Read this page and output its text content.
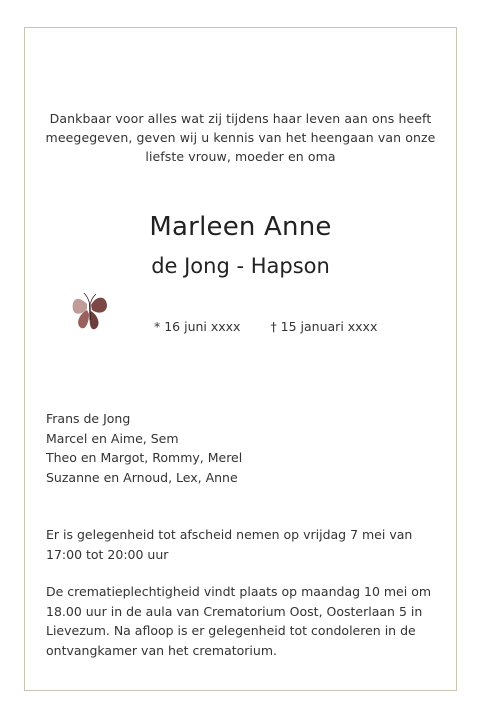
Dankbaar voor alles wat zij tijdens haar leven aan ons heeft
meegegeven, geven wij u kennis van het heengaan van onze
liefste vrouw, moeder en oma
Marleen Anne
de Jong - Hapson
* 16 juni xxxx † 15 januari xxxx
Frans de Jong
Marcel en Aime, Sem
Theo en Margot, Rommy, Merel
Suzanne en Arnoud, Lex, Anne
Er is gelegenheid tot afscheid nemen op vrijdag 7 mei van
17:00 tot 20:00 uur
De crematieplechtigheid vindt plaats op maandag 10 mei om
18.00 uur in de aula van Crematorium Oost, Oosterlaan 5 in
Lievezum. Na afloop is er gelegenheid tot condoleren in de
ontvangkamer van het crematorium.
